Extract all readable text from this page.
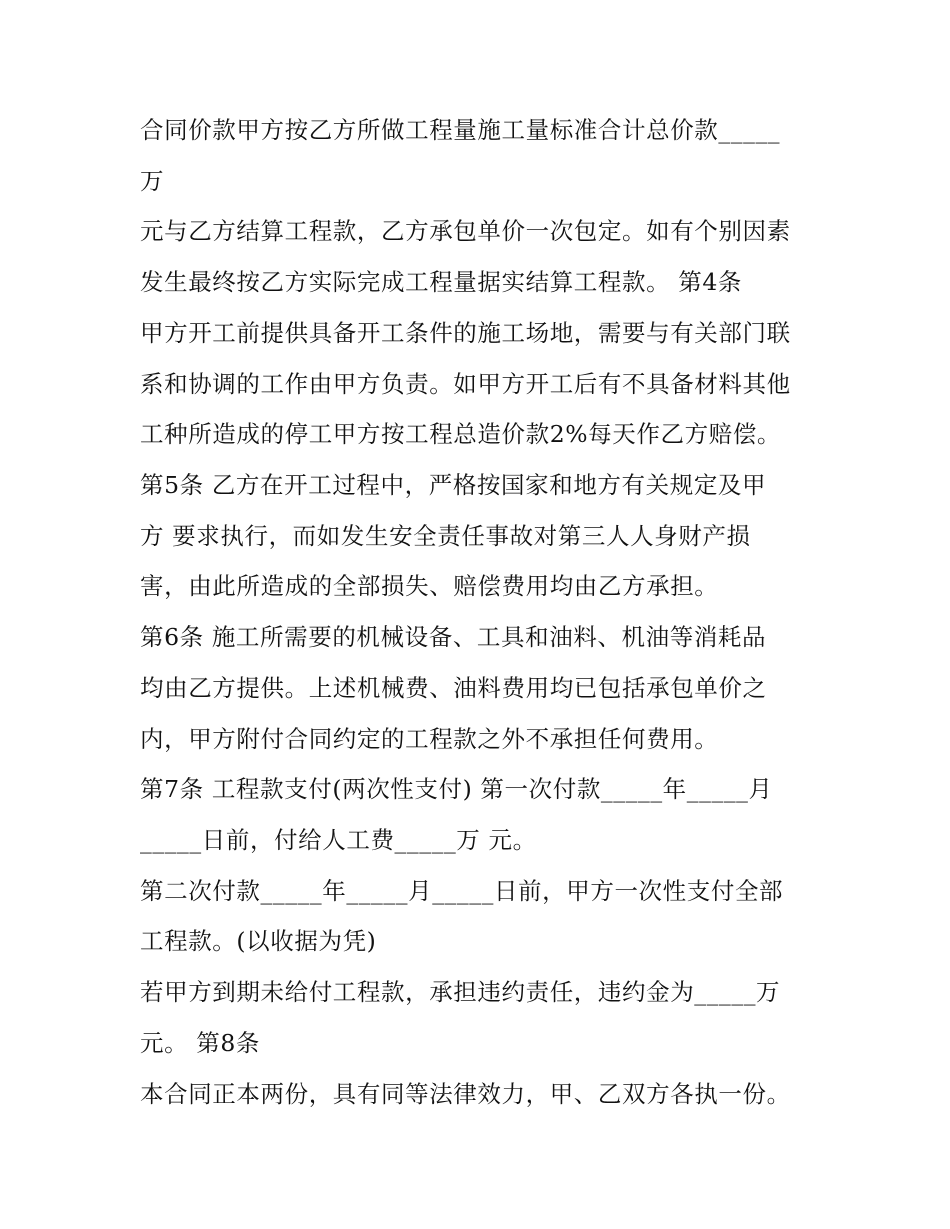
合同价款甲方按乙方所做工程量施工量标准合计总价款_____
万
元与乙方结算工程款，乙方承包单价一次包定。如有个别因素
发生最终按乙方实际完成工程量据实结算工程款。 第4条
甲方开工前提供具备开工条件的施工场地，需要与有关部门联
系和协调的工作由甲方负责。如甲方开工后有不具备材料其他
工种所造成的停工甲方按工程总造价款2%每天作乙方赔偿。
第5条 乙方在开工过程中，严格按国家和地方有关规定及甲
方 要求执行，而如发生安全责任事故对第三人人身财产损
害，由此所造成的全部损失、赔偿费用均由乙方承担。
第6条 施工所需要的机械设备、工具和油料、机油等消耗品
均由乙方提供。上述机械费、油料费用均已包括承包单价之
内，甲方附付合同约定的工程款之外不承担任何费用。
第7条 工程款支付(两次性支付) 第一次付款_____年_____月
_____日前，付给人工费_____万 元。
第二次付款_____年_____月_____日前，甲方一次性支付全部
工程款。(以收据为凭)
若甲方到期未给付工程款，承担违约责任，违约金为_____万
元。 第8条
本合同正本两份，具有同等法律效力，甲、乙双方各执一份。
